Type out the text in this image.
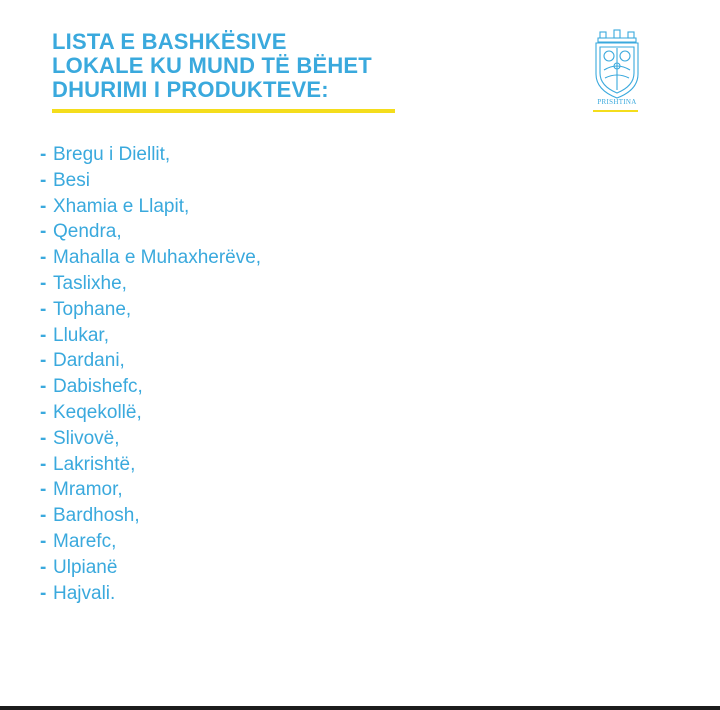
LISTA E BASHKËSIVE
LOKALE KU MUND TË BËHET
DHURIMI I PRODUKTEVE:	PRISHTINA
- Bregu i Diellit,
- Besi
- Xhamia e Llapit,
- Qendra,
- Mahalla e Muhaxherëve,
- Taslixhe,
- Tophane,
- Llukar,
- Dardani,
- Dabishefc,
- Keqekollë,
- Slivovë,
- Lakrishtë,
- Mramor,
- Bardhosh,
- Marefc,
- Ulpianë
- Hajvali.
